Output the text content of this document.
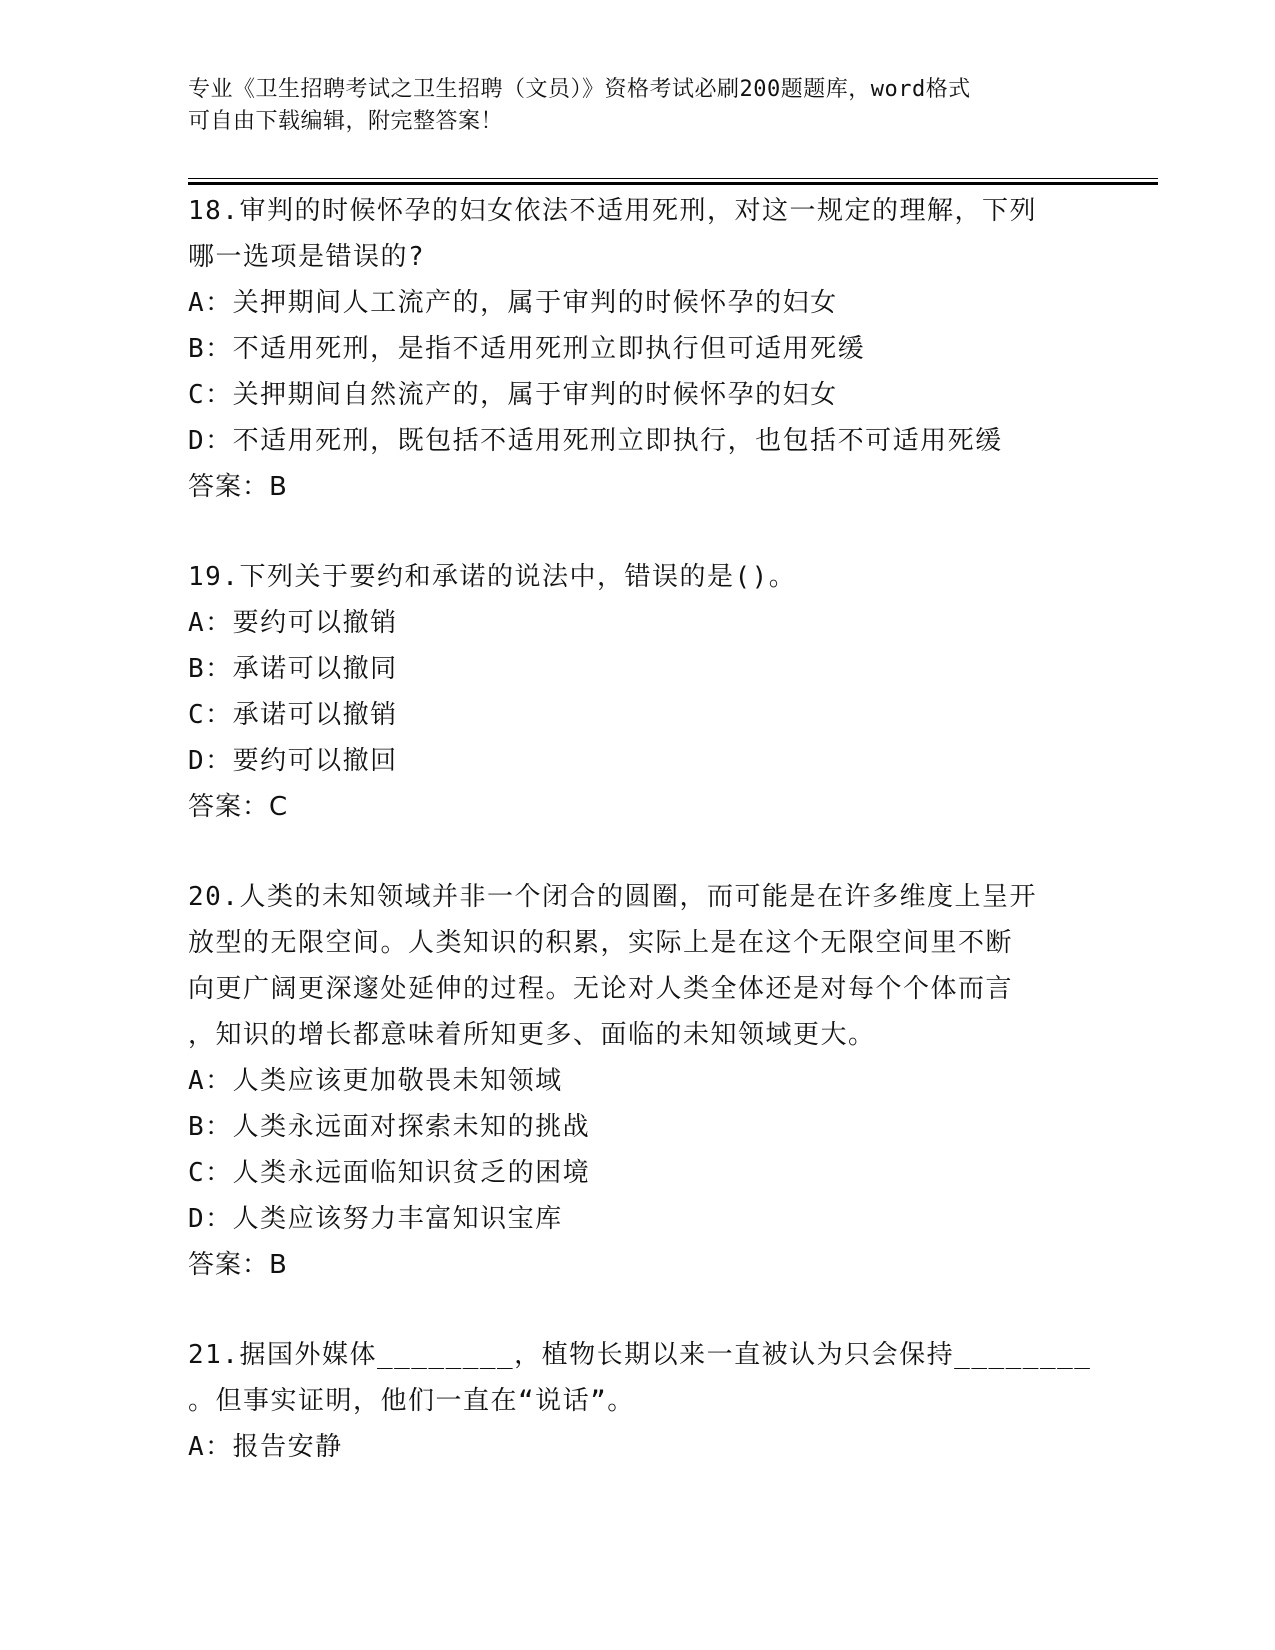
专业《卫生招聘考试之卫生招聘（文员）》资格考试必刷200题题库，word格式
可自由下载编辑，附完整答案！
18.审判的时候怀孕的妇女依法不适用死刑，对这一规定的理解，下列
哪一选项是错误的?
A：关押期间人工流产的，属于审判的时候怀孕的妇女
B：不适用死刑，是指不适用死刑立即执行但可适用死缓
C：关押期间自然流产的，属于审判的时候怀孕的妇女
D：不适用死刑，既包括不适用死刑立即执行，也包括不可适用死缓
答案：B
19.下列关于要约和承诺的说法中，错误的是()。
A：要约可以撤销
B：承诺可以撤同
C：承诺可以撤销
D：要约可以撤回
答案：C
20.人类的未知领域并非一个闭合的圆圈，而可能是在许多维度上呈开
放型的无限空间。人类知识的积累，实际上是在这个无限空间里不断
向更广阔更深邃处延伸的过程。无论对人类全体还是对每个个体而言
，知识的增长都意味着所知更多、面临的未知领域更大。
A：人类应该更加敬畏未知领域
B：人类永远面对探索未知的挑战
C：人类永远面临知识贫乏的困境
D：人类应该努力丰富知识宝库
答案：B
21.据国外媒体________，植物长期以来一直被认为只会保持________
。但事实证明，他们一直在“说话”。
A：报告安静
